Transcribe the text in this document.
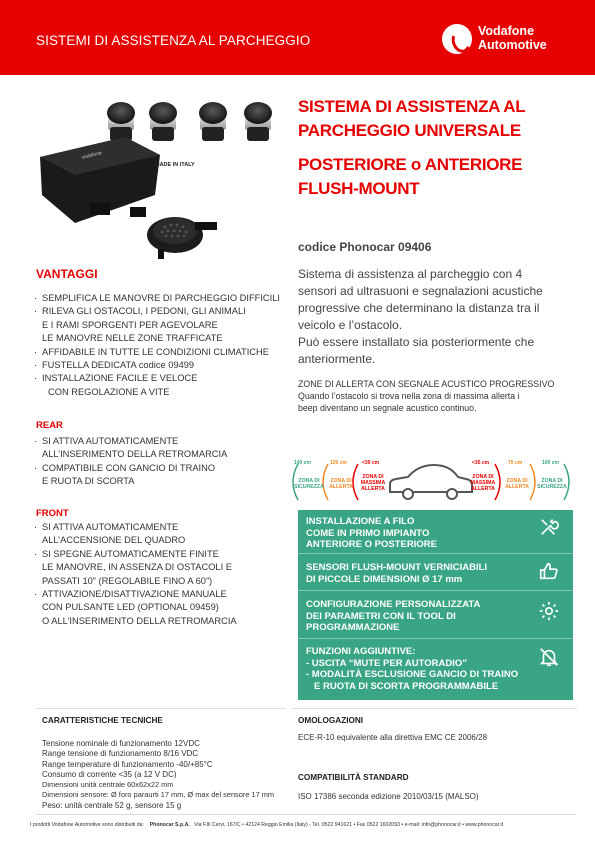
SISTEMI DI ASSISTENZA AL PARCHEGGIO
Vodafone
Automotive
vodafone
MADE IN ITALY
SISTEMA DI ASSISTENZA AL
PARCHEGGIO UNIVERSALE
POSTERIORE o ANTERIORE
FLUSH-MOUNT
codice Phonocar 09406
Sistema di assistenza al parcheggio con 4
sensori ad ultrasuoni e segnalazioni acustiche
progressive che determinano la distanza tra il
veicolo e l’ostacolo.
Può essere installato sia posteriormente che
anteriormente.
ZONE DI ALLERTA CON SEGNALE ACUSTICO PROGRESSIVO
Quando l’ostacolo si trova nella zona di massima allerta i
beep diventano un segnale acustico continuo.
VANTAGGI
· SEMPLIFICA LE MANOVRE DI PARCHEGGIO DIFFICILI
· RILEVA GLI OSTACOLI, I PEDONI, GLI ANIMALI
E I RAMI SPORGENTI PER AGEVOLARE
LE MANOVRE NELLE ZONE TRAFFICATE
· AFFIDABILE IN TUTTE LE CONDIZIONI CLIMATICHE
· FUSTELLA DEDICATA codice 09499
· INSTALLAZIONE FACILE E VELOCE
CON REGOLAZIONE A VITE
REAR
· SI ATTIVA AUTOMATICAMENTE
ALL’INSERIMENTO DELLA RETROMARCIA
· COMPATIBILE CON GANCIO DI TRAINO
E RUOTA DI SCORTA
FRONT
· SI ATTIVA AUTOMATICAMENTE
ALL’ACCENSIONE DEL QUADRO
· SI SPEGNE AUTOMATICAMENTE FINITE
LE MANOVRE, IN ASSENZA DI OSTACOLI E
PASSATI 10” (REGOLABILE FINO A 60”)
· ATTIVAZIONE/DISATTIVAZIONE MANUALE
CON PULSANTE LED (OPTIONAL 09459)
O ALL’INSERIMENTO DELLA RETROMARCIA
140 cm	120 cm	<30 cm
ZONA DI
SICUREZZA
ZONA DI
ALLERTA
ZONA DI
MASSIMA
ALLERTA
<35 cm	70 cm	100 cm
ZONA DI
MASSIMA
ALLERTA
ZONA DI
ALLERTA
ZONA DI
SICUREZZA
INSTALLAZIONE A FILO
COME IN PRIMO IMPIANTO
ANTERIORE O POSTERIORE
SENSORI FLUSH-MOUNT VERNICIABILI
DI PICCOLE DIMENSIONI Ø 17 mm
CONFIGURAZIONE PERSONALIZZATA
DEI PARAMETRI CON IL TOOL DI
PROGRAMMAZIONE
FUNZIONI AGGIUNTIVE:
- USCITA “MUTE PER AUTORADIO”
- MODALITÀ ESCLUSIONE GANCIO DI TRAINO
E RUOTA DI SCORTA PROGRAMMABILE
CARATTERISTICHE TECNICHE
Tensione nominale di funzionamento 12VDC
Range tensione di funzionamento 8/16 VDC
Range temperature di funzionamento -40/+85°C
Consumo di corrente <35 (a 12 V DC)
Dimensioni unità centrale 60x62x22 mm
Dimensioni sensore: Ø foro paraurti 17 mm, Ø max del sensore 17 mm
Peso: unità centrale 52 g, sensore 15 g
OMOLOGAZIONI
ECE-R-10 equivalente alla direttiva EMC CE 2006/28
COMPATIBILITÀ STANDARD
ISO 17386 seconda edizione 2010/03/15 (MALSO)
I prodotti Vodafone Automotive sono distribuiti da: Phonocar S.p.A. Via F.lli Cervi, 167/C • 42124 Reggio Emilia (Italy) - Tel. 0522 941621 • Fax 0522 1602093 • e-mail: info@phonocar.it • www.phonocar.it
